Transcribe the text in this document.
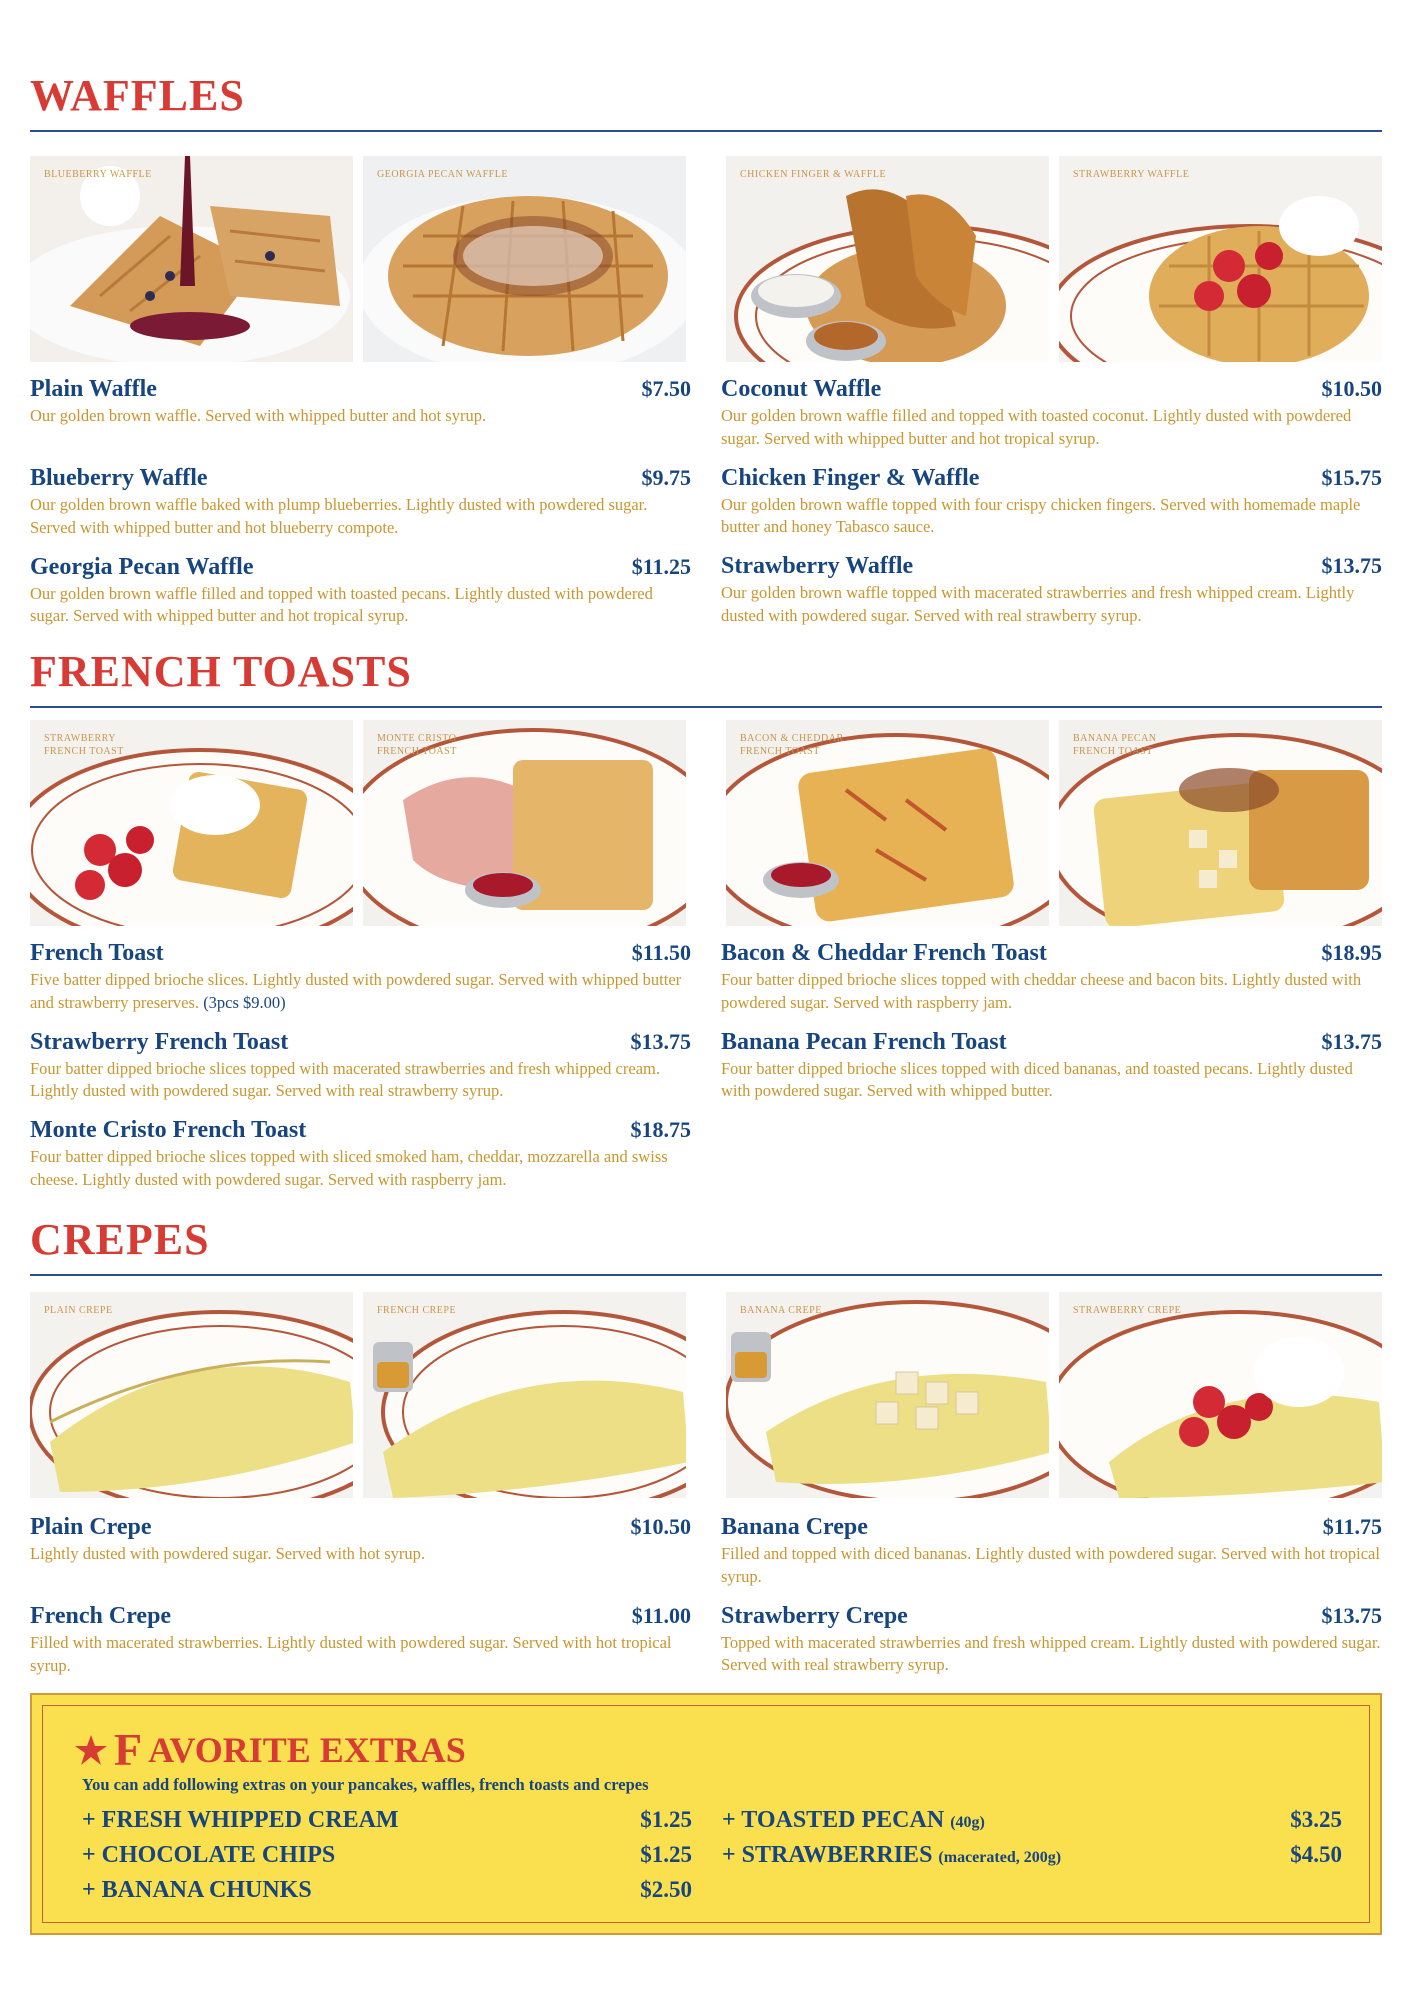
WAFFLES
BLUEBERRY WAFFLE	GEORGIA PECAN WAFFLE	CHICKEN FINGER & WAFFLE	STRAWBERRY WAFFLE
Plain Waffle	$7.50
Our golden brown waffle. Served with whipped butter and hot syrup.
Blueberry Waffle	$9.75
Our golden brown waffle baked with plump blueberries. Lightly dusted with powdered sugar. Served with whipped butter and hot blueberry compote.
Georgia Pecan Waffle	$11.25
Our golden brown waffle filled and topped with toasted pecans. Lightly dusted with powdered sugar. Served with whipped butter and hot tropical syrup.
Coconut Waffle	$10.50
Our golden brown waffle filled and topped with toasted coconut. Lightly dusted with powdered sugar. Served with whipped butter and hot tropical syrup.
Chicken Finger & Waffle	$15.75
Our golden brown waffle topped with four crispy chicken fingers. Served with homemade maple butter and honey Tabasco sauce.
Strawberry Waffle	$13.75
Our golden brown waffle topped with macerated strawberries and fresh whipped cream. Lightly dusted with powdered sugar. Served with real strawberry syrup.
FRENCH TOASTS
STRAWBERRY
FRENCH TOAST
MONTE CRISTO
FRENCH TOAST
BACON & CHEDDAR
FRENCH TOAST
BANANA PECAN
FRENCH TOAST
French Toast	$11.50
Five batter dipped brioche slices. Lightly dusted with powdered sugar. Served with whipped butter and strawberry preserves. (3pcs $9.00)
Strawberry French Toast	$13.75
Four batter dipped brioche slices topped with macerated strawberries and fresh whipped cream. Lightly dusted with powdered sugar. Served with real strawberry syrup.
Monte Cristo French Toast	$18.75
Four batter dipped brioche slices topped with sliced smoked ham, cheddar, mozzarella and swiss cheese. Lightly dusted with powdered sugar. Served with raspberry jam.
Bacon & Cheddar French Toast	$18.95
Four batter dipped brioche slices topped with cheddar cheese and bacon bits. Lightly dusted with powdered sugar. Served with raspberry jam.
Banana Pecan French Toast	$13.75
Four batter dipped brioche slices topped with diced bananas, and toasted pecans. Lightly dusted with powdered sugar. Served with whipped butter.
CREPES
PLAIN CREPE	FRENCH CREPE	BANANA CREPE	STRAWBERRY CREPE
Plain Crepe	$10.50
Lightly dusted with powdered sugar. Served with hot syrup.
French Crepe	$11.00
Filled with macerated strawberries. Lightly dusted with powdered sugar. Served with hot tropical syrup.
Banana Crepe	$11.75
Filled and topped with diced bananas. Lightly dusted with powdered sugar. Served with hot tropical syrup.
Strawberry Crepe	$13.75
Topped with macerated strawberries and fresh whipped cream. Lightly dusted with powdered sugar. Served with real strawberry syrup.
F AVORITE EXTRAS
You can add following extras on your pancakes, waffles, french toasts and crepes
+ FRESH WHIPPED CREAM	$1.25
+ CHOCOLATE CHIPS	$1.25
+ BANANA CHUNKS	$2.50
+ TOASTED PECAN (40g)	$3.25
+ STRAWBERRIES (macerated, 200g)	$4.50
